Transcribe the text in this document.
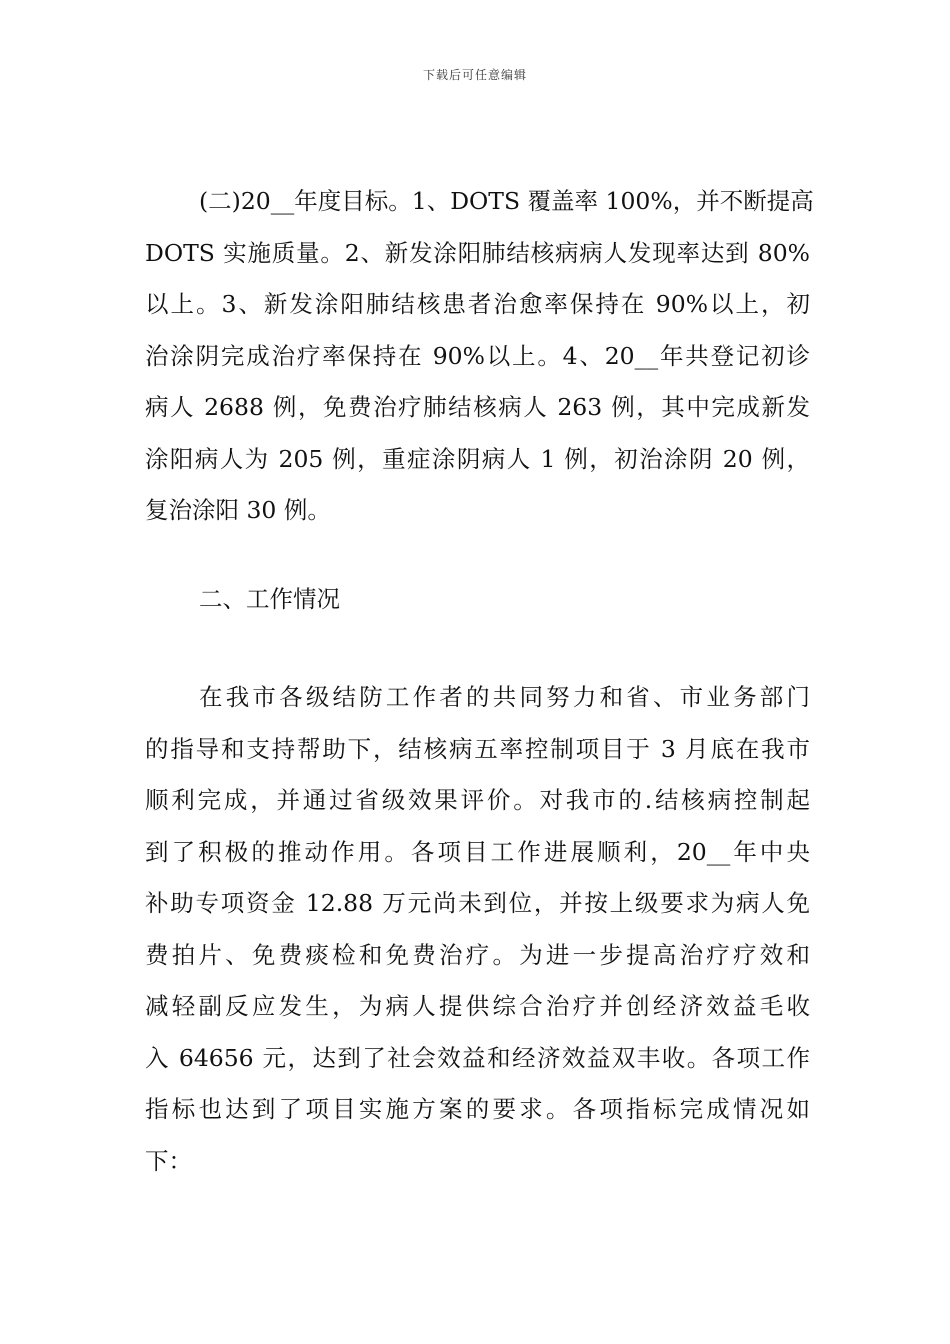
下载后可任意编辑
(二)20__年度目标。1、DOTS 覆盖率 100%，并不断提高
DOTS 实施质量。2、新发涂阳肺结核病病人发现率达到 80%
以上。3、新发涂阳肺结核患者治愈率保持在 90%以上，初
治涂阴完成治疗率保持在 90%以上。4、20__年共登记初诊
病人 2688 例，免费治疗肺结核病人 263 例，其中完成新发
涂阳病人为 205 例，重症涂阴病人 1 例，初治涂阴 20 例，
复治涂阳 30 例。
二、工作情况
在我市各级结防工作者的共同努力和省、市业务部门
的指导和支持帮助下，结核病五率控制项目于 3 月底在我市
顺利完成，并通过省级效果评价。对我市的.结核病控制起
到了积极的推动作用。各项目工作进展顺利，20__年中央
补助专项资金 12.88 万元尚未到位，并按上级要求为病人免
费拍片、免费痰检和免费治疗。为进一步提高治疗疗效和
减轻副反应发生，为病人提供综合治疗并创经济效益毛收
入 64656 元，达到了社会效益和经济效益双丰收。各项工作
指标也达到了项目实施方案的要求。各项指标完成情况如
下：
